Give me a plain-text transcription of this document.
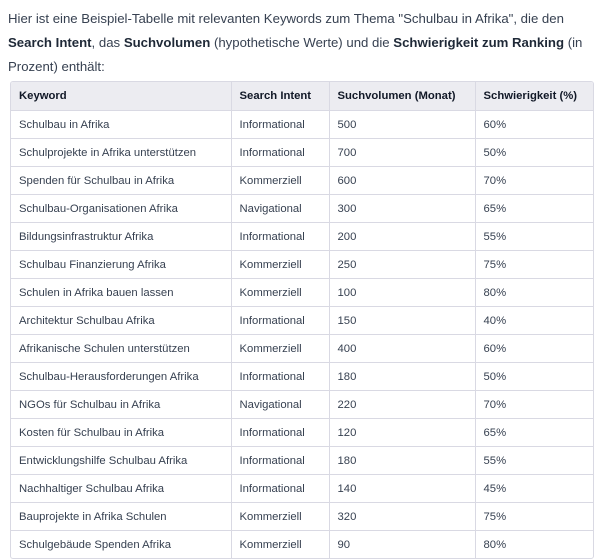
Hier ist eine Beispiel-Tabelle mit relevanten Keywords zum Thema "Schulbau in Afrika", die den Search Intent, das Suchvolumen (hypothetische Werte) und die Schwierigkeit zum Ranking (in Prozent) enthält:
Keyword	Search Intent	Suchvolumen (Monat)	Schwierigkeit (%)
Schulbau in Afrika	Informational	500	60%
Schulprojekte in Afrika unterstützen	Informational	700	50%
Spenden für Schulbau in Afrika	Kommerziell	600	70%
Schulbau-Organisationen Afrika	Navigational	300	65%
Bildungsinfrastruktur Afrika	Informational	200	55%
Schulbau Finanzierung Afrika	Kommerziell	250	75%
Schulen in Afrika bauen lassen	Kommerziell	100	80%
Architektur Schulbau Afrika	Informational	150	40%
Afrikanische Schulen unterstützen	Kommerziell	400	60%
Schulbau-Herausforderungen Afrika	Informational	180	50%
NGOs für Schulbau in Afrika	Navigational	220	70%
Kosten für Schulbau in Afrika	Informational	120	65%
Entwicklungshilfe Schulbau Afrika	Informational	180	55%
Nachhaltiger Schulbau Afrika	Informational	140	45%
Bauprojekte in Afrika Schulen	Kommerziell	320	75%
Schulgebäude Spenden Afrika	Kommerziell	90	80%
